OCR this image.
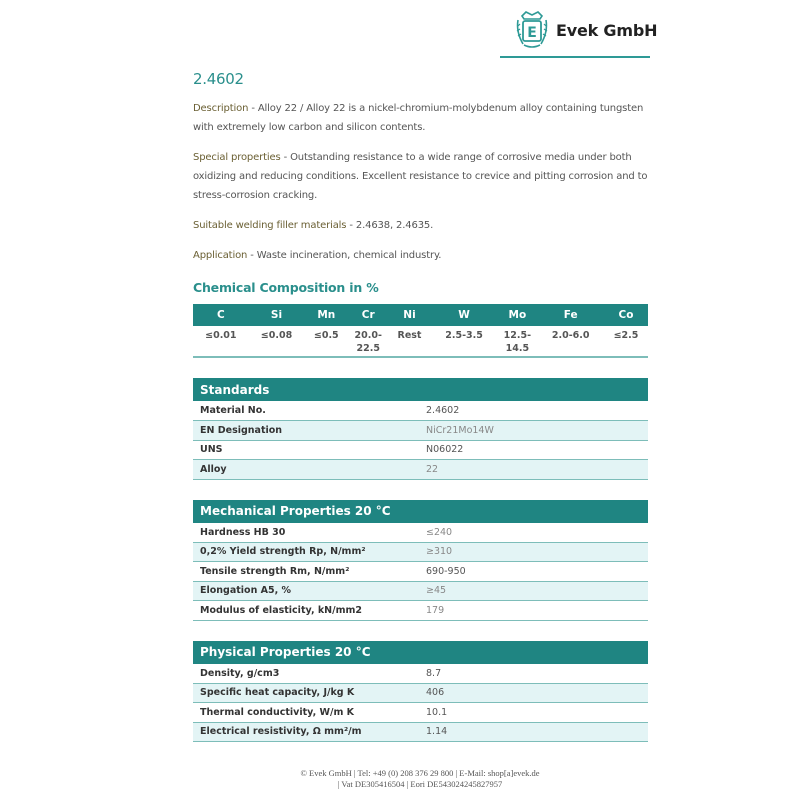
E Evek GmbH
2.4602

Description - Alloy 22 / Alloy 22 is a nickel-chromium-molybdenum alloy containing tungsten with extremely low carbon and silicon contents.

Special properties - Outstanding resistance to a wide range of corrosive media under both oxidizing and reducing conditions. Excellent resistance to crevice and pitting corrosion and to stress-corrosion cracking.

Suitable welding filler materials - 2.4638, 2.4635.

Application - Waste incineration, chemical industry.

Chemical Composition in %
C	Si	Mn	Cr	Ni	W	Mo	Fe	Co
≤0.01	≤0.08	≤0.5	20.0-22.5	Rest	2.5-3.5	12.5-14.5	2.0-6.0	≤2.5
Standards	
Material No.	2.4602
EN Designation	NiCr21Mo14W
UNS	N06022
Alloy	22
Mechanical Properties 20 °C	
Hardness HB 30	≤240
0,2% Yield strength Rp, N/mm²	≥310
Tensile strength Rm, N/mm²	690-950
Elongation A5, %	≥45
Modulus of elasticity, kN/mm2	179
Physical Properties 20 °C	
Density, g/cm3	8.7
Specific heat capacity, J/kg K	406
Thermal conductivity, W/m K	10.1
Electrical resistivity, Ω mm²/m	1.14
© Evek GmbH | Tel: +49 (0) 208 376 29 800 | E-Mail: shop[a]evek.de
| Vat DE305416504 | Eori DE543024245827957
